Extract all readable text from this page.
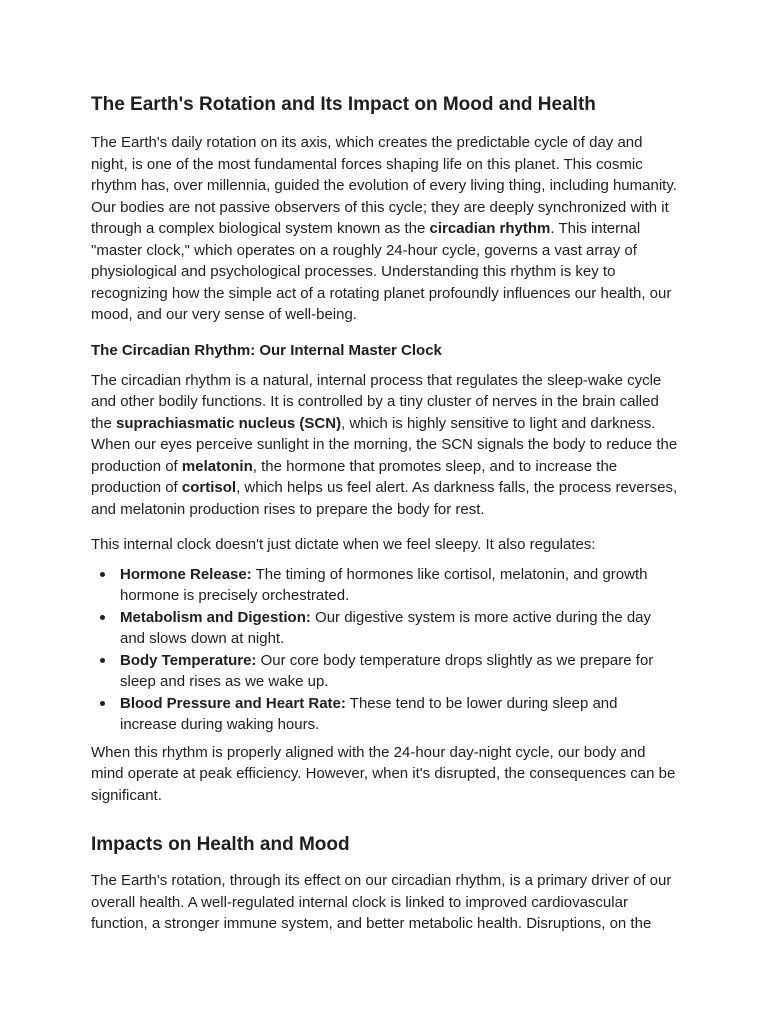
The Earth's Rotation and Its Impact on Mood and Health

The Earth's daily rotation on its axis, which creates the predictable cycle of day and night, is one of the most fundamental forces shaping life on this planet. This cosmic rhythm has, over millennia, guided the evolution of every living thing, including humanity. Our bodies are not passive observers of this cycle; they are deeply synchronized with it through a complex biological system known as the circadian rhythm. This internal "master clock," which operates on a roughly 24-hour cycle, governs a vast array of physiological and psychological processes. Understanding this rhythm is key to recognizing how the simple act of a rotating planet profoundly influences our health, our mood, and our very sense of well-being.

The Circadian Rhythm: Our Internal Master Clock

The circadian rhythm is a natural, internal process that regulates the sleep-wake cycle and other bodily functions. It is controlled by a tiny cluster of nerves in the brain called the suprachiasmatic nucleus (SCN), which is highly sensitive to light and darkness. When our eyes perceive sunlight in the morning, the SCN signals the body to reduce the production of melatonin, the hormone that promotes sleep, and to increase the production of cortisol, which helps us feel alert. As darkness falls, the process reverses, and melatonin production rises to prepare the body for rest.

This internal clock doesn't just dictate when we feel sleepy. It also regulates:

Hormone Release: The timing of hormones like cortisol, melatonin, and growth hormone is precisely orchestrated.
Metabolism and Digestion: Our digestive system is more active during the day and slows down at night.
Body Temperature: Our core body temperature drops slightly as we prepare for sleep and rises as we wake up.
Blood Pressure and Heart Rate: These tend to be lower during sleep and increase during waking hours.

When this rhythm is properly aligned with the 24-hour day-night cycle, our body and mind operate at peak efficiency. However, when it's disrupted, the consequences can be significant.

Impacts on Health and Mood

The Earth's rotation, through its effect on our circadian rhythm, is a primary driver of our overall health. A well-regulated internal clock is linked to improved cardiovascular function, a stronger immune system, and better metabolic health. Disruptions, on the
